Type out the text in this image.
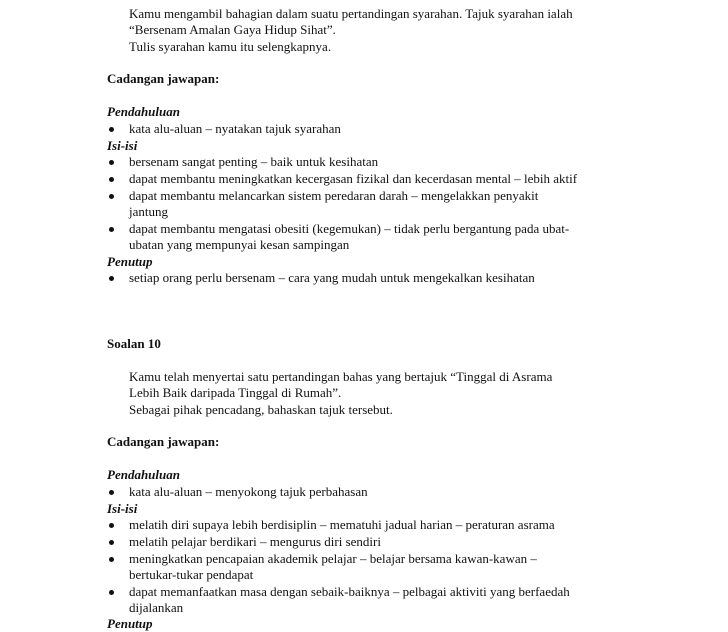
Kamu mengambil bahagian dalam suatu pertandingan syarahan. Tajuk syarahan ialah
“Bersenam Amalan Gaya Hidup Sihat”.
Tulis syarahan kamu itu selengkapnya.
Cadangan jawapan:
Pendahuluan
kata alu-aluan – nyatakan tajuk syarahan
Isi-isi
bersenam sangat penting – baik untuk kesihatan
dapat membantu meningkatkan kecergasan fizikal dan kecerdasan mental – lebih aktif
dapat membantu melancarkan sistem peredaran darah – mengelakkan penyakit
jantung
dapat membantu mengatasi obesiti (kegemukan) – tidak perlu bergantung pada ubat-
ubatan yang mempunyai kesan sampingan
Penutup
setiap orang perlu bersenam – cara yang mudah untuk mengekalkan kesihatan
Soalan 10
Kamu telah menyertai satu pertandingan bahas yang bertajuk “Tinggal di Asrama
Lebih Baik daripada Tinggal di Rumah”.
Sebagai pihak pencadang, bahaskan tajuk tersebut.
Cadangan jawapan:
Pendahuluan
kata alu-aluan – menyokong tajuk perbahasan
Isi-isi
melatih diri supaya lebih berdisiplin – mematuhi jadual harian – peraturan asrama
melatih pelajar berdikari – mengurus diri sendiri
meningkatkan pencapaian akademik pelajar – belajar bersama kawan-kawan –
bertukar-tukar pendapat
dapat memanfaatkan masa dengan sebaik-baiknya – pelbagai aktiviti yang berfaedah
dijalankan
Penutup
